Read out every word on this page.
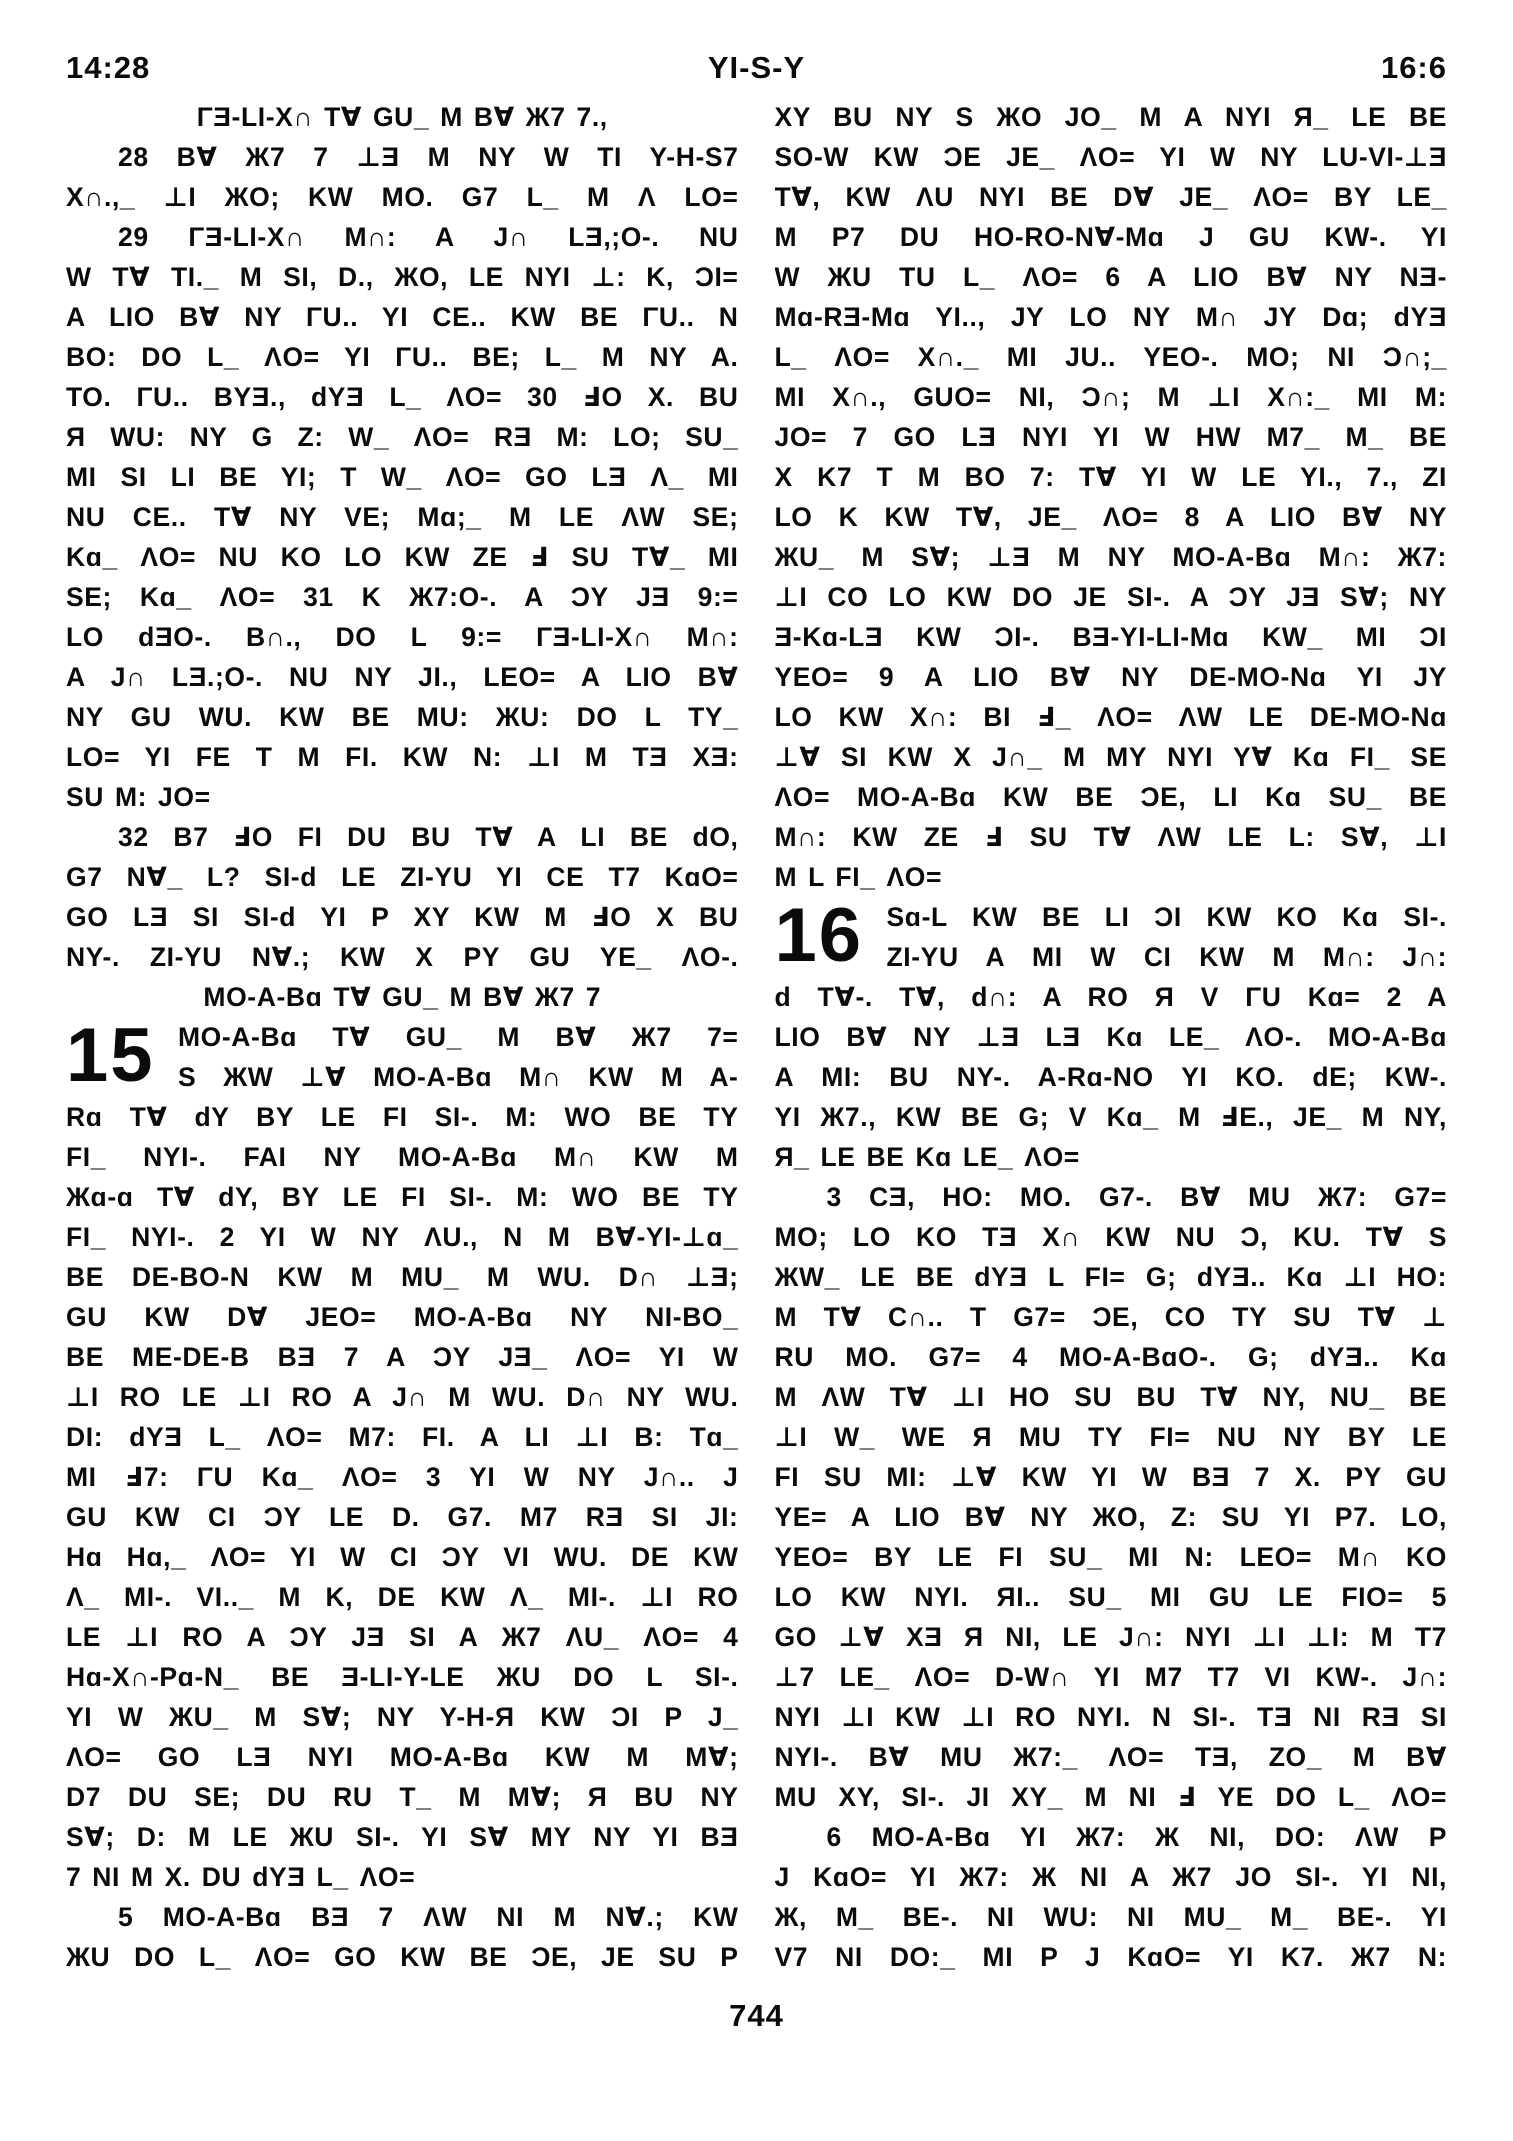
14:28	YI-S-Y	16:6
ΓƎ-LI-X∩ T∀ GU_ M B∀ Ж7 7.,
28 B∀ Ж7 7 ⊥Ǝ M NY W TI Y-H-S7
X∩.,_ ⊥I ЖO; KW MO. G7 L_ M Λ LO=
29 ΓƎ-LI-X∩ M∩: A J∩ LƎ,;O-. NU
W T∀ TI._ M SI, D., ЖO, LE NYI ⊥: K, ƆI=
A LIO B∀ NY ΓU.. YI CE.. KW BE ΓU.. N
BO: DO L_ ΛO= YI ΓU.. BE; L_ M NY A.
TO. ΓU.. BYƎ., dYƎ L_ ΛO= 30 ℲO X. BU
Я WU: NY G Z: W_ ΛO= RƎ M: LO; SU_
MI SI LI BE YI; T W_ ΛO= GO LƎ Λ_ MI
NU CE.. T∀ NY VE; Mɑ;_ M LE ΛW SE;
Kɑ_ ΛO= NU KO LO KW ZE Ⅎ SU T∀_ MI
SE; Kɑ_ ΛO= 31 K Ж7:O-. A ƆY JƎ 9:=
LO dƎO-. B∩., DO L 9:= ΓƎ-LI-X∩ M∩:
A J∩ LƎ.;O-. NU NY JI., LEO= A LIO B∀
NY GU WU. KW BE MU: ЖU: DO L TY_
LO= YI FE T M FI. KW N: ⊥I M TƎ XƎ:
SU M: JO=
32 B7 ℲO FI DU BU T∀ A LI BE dO,
G7 N∀_ L? SI-d LE ZI-YU YI CE T7 KɑO=
GO LƎ SI SI-d YI P XY KW M ℲO X BU
NY-. ZI-YU N∀.; KW X PY GU YE_ ΛO-.
MO-A-Bɑ T∀ GU_ M B∀ Ж7 7
15 MO-A-Bɑ T∀ GU_ M B∀ Ж7 7=
S ЖW ⊥∀ MO-A-Bɑ M∩ KW M A-
Rɑ T∀ dY BY LE FI SI-. M: WO BE TY
FI_ NYI-. FAI NY MO-A-Bɑ M∩ KW M
Жɑ-ɑ T∀ dY, BY LE FI SI-. M: WO BE TY
FI_ NYI-. 2 YI W NY ΛU., N M B∀-YI-⊥ɑ_
BE DE-BO-N KW M MU_ M WU. D∩ ⊥Ǝ;
GU KW D∀ JEO= MO-A-Bɑ NY NI-BO_
BE ME-DE-B BƎ 7 A ƆY JƎ_ ΛO= YI W
⊥I RO LE ⊥I RO A J∩ M WU. D∩ NY WU.
DI: dYƎ L_ ΛO= M7: FI. A LI ⊥I B: Tɑ_
MI Ⅎ7: ΓU Kɑ_ ΛO= 3 YI W NY J∩.. J
GU KW CI ƆY LE D. G7. M7 RƎ SI JI:
Hɑ Hɑ,_ ΛO= YI W CI ƆY VI WU. DE KW
Λ_ MI-. VI.._ M K, DE KW Λ_ MI-. ⊥I RO
LE ⊥I RO A ƆY JƎ SI A Ж7 ΛU_ ΛO= 4
Hɑ-X∩-Pɑ-N_ BE Ǝ-LI-Y-LE ЖU DO L SI-.
YI W ЖU_ M S∀; NY Y-H-Я KW ƆI P J_
ΛO= GO LƎ NYI MO-A-Bɑ KW M M∀;
D7 DU SE; DU RU T_ M M∀; Я BU NY
S∀; D: M LE ЖU SI-. YI S∀ MY NY YI BƎ
7 NI M X. DU dYƎ L_ ΛO=
5 MO-A-Bɑ BƎ 7 ΛW NI M N∀.; KW
ЖU DO L_ ΛO= GO KW BE ƆE, JE SU P
XY BU NY S ЖO JO_ M A NYI Я_ LE BE
SO-W KW ƆE JE_ ΛO= YI W NY LU-VI-⊥Ǝ
T∀, KW ΛU NYI BE D∀ JE_ ΛO= BY LE_
M P7 DU HO-RO-N∀-Mɑ J GU KW-. YI
W ЖU TU L_ ΛO= 6 A LIO B∀ NY NƎ-
Mɑ-RƎ-Mɑ YI.., JY LO NY M∩ JY Dɑ; dYƎ
L_ ΛO= X∩._ MI JU.. YEO-. MO; NI Ɔ∩;_
MI X∩., GUO= NI, Ɔ∩; M ⊥I X∩:_ MI M:
JO= 7 GO LƎ NYI YI W HW M7_ M_ BE
X K7 T M BO 7: T∀ YI W LE YI., 7., ZI
LO K KW T∀, JE_ ΛO= 8 A LIO B∀ NY
ЖU_ M S∀; ⊥Ǝ M NY MO-A-Bɑ M∩: Ж7:
⊥I CO LO KW DO JE SI-. A ƆY JƎ S∀; NY
Ǝ-Kɑ-LƎ KW ƆI-. BƎ-YI-LI-Mɑ KW_ MI ƆI
YEO= 9 A LIO B∀ NY DE-MO-Nɑ YI JY
LO KW X∩: BI Ⅎ_ ΛO= ΛW LE DE-MO-Nɑ
⊥∀ SI KW X J∩_ M MY NYI Y∀ Kɑ FI_ SE
ΛO= MO-A-Bɑ KW BE ƆE, LI Kɑ SU_ BE
M∩: KW ZE Ⅎ SU T∀ ΛW LE L: S∀, ⊥I
M L FI_ ΛO=
16 Sɑ-L KW BE LI ƆI KW KO Kɑ SI-.
ZI-YU A MI W CI KW M M∩: J∩:
d T∀-. T∀, d∩: A RO Я V ΓU Kɑ= 2 A
LIO B∀ NY ⊥Ǝ LƎ Kɑ LE_ ΛO-. MO-A-Bɑ
A MI: BU NY-. A-Rɑ-NO YI KO. dE; KW-.
YI Ж7., KW BE G; V Kɑ_ M ℲE., JE_ M NY,
Я_ LE BE Kɑ LE_ ΛO=
3 CƎ, HO: MO. G7-. B∀ MU Ж7: G7=
MO; LO KO TƎ X∩ KW NU Ɔ, KU. T∀ S
ЖW_ LE BE dYƎ L FI= G; dYƎ.. Kɑ ⊥I HO:
M T∀ C∩.. T G7= ƆE, CO TY SU T∀ ⊥
RU MO. G7= 4 MO-A-BɑO-. G; dYƎ.. Kɑ
M ΛW T∀ ⊥I HO SU BU T∀ NY, NU_ BE
⊥I W_ WE Я MU TY FI= NU NY BY LE
FI SU MI: ⊥∀ KW YI W BƎ 7 X. PY GU
YE= A LIO B∀ NY ЖO, Z: SU YI P7. LO,
YEO= BY LE FI SU_ MI N: LEO= M∩ KO
LO KW NYI. ЯI.. SU_ MI GU LE FIO= 5
GO ⊥∀ XƎ Я NI, LE J∩: NYI ⊥I ⊥I: M T7
⊥7 LE_ ΛO= D-W∩ YI M7 T7 VI KW-. J∩:
NYI ⊥I KW ⊥I RO NYI. N SI-. TƎ NI RƎ SI
NYI-. B∀ MU Ж7:_ ΛO= TƎ, ZO_ M B∀
MU XY, SI-. JI XY_ M NI Ⅎ YE DO L_ ΛO=
6 MO-A-Bɑ YI Ж7: Ж NI, DO: ΛW P
J KɑO= YI Ж7: Ж NI A Ж7 JO SI-. YI NI,
Ж, M_ BE-. NI WU: NI MU_ M_ BE-. YI
V7 NI DO:_ MI P J KɑO= YI K7. Ж7 N:
744
